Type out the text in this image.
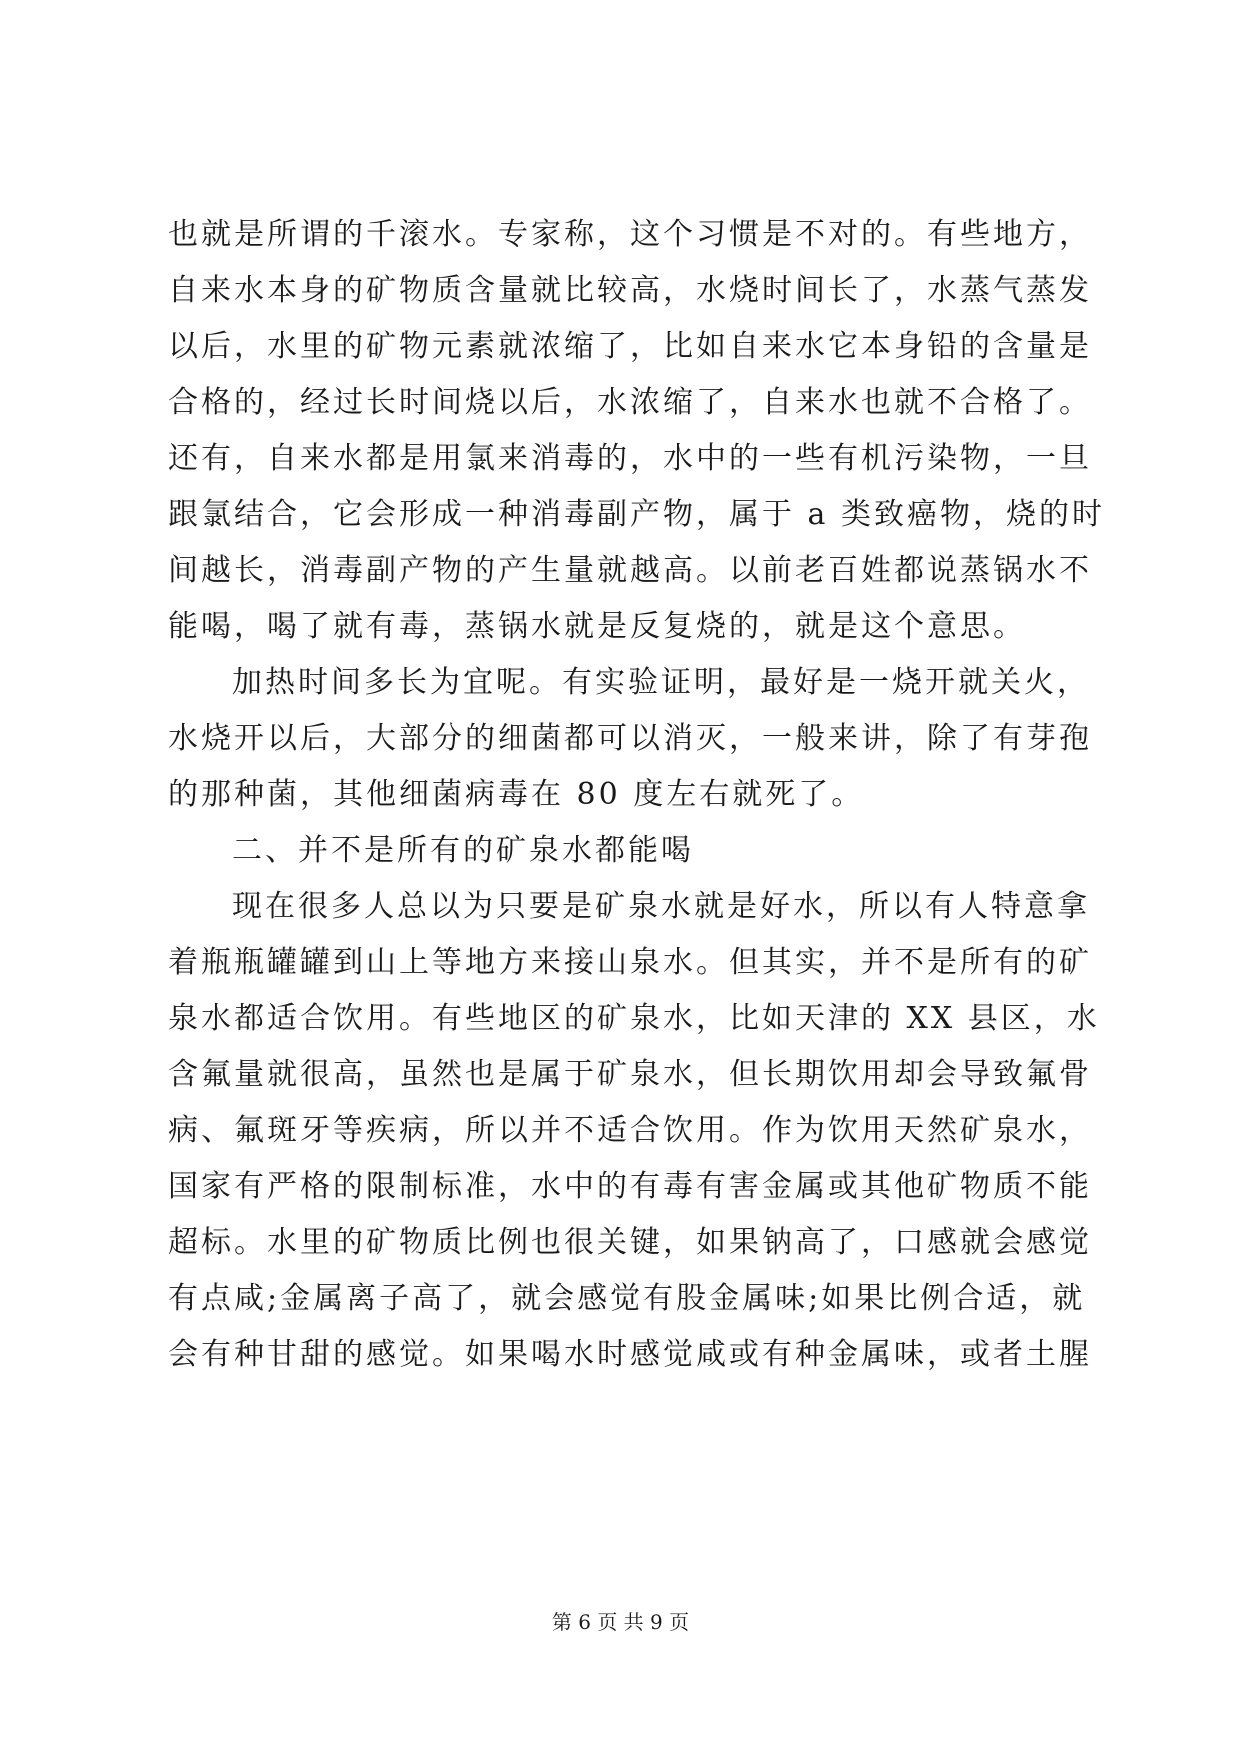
也就是所谓的千滚水。专家称，这个习惯是不对的。有些地方，
自来水本身的矿物质含量就比较高，水烧时间长了，水蒸气蒸发
以后，水里的矿物元素就浓缩了，比如自来水它本身铅的含量是
合格的，经过长时间烧以后，水浓缩了，自来水也就不合格了。
还有，自来水都是用氯来消毒的，水中的一些有机污染物，一旦
跟氯结合，它会形成一种消毒副产物，属于 a 类致癌物，烧的时
间越长，消毒副产物的产生量就越高。以前老百姓都说蒸锅水不
能喝，喝了就有毒，蒸锅水就是反复烧的，就是这个意思。
加热时间多长为宜呢。有实验证明，最好是一烧开就关火，
水烧开以后，大部分的细菌都可以消灭，一般来讲，除了有芽孢
的那种菌，其他细菌病毒在 80 度左右就死了。
二、并不是所有的矿泉水都能喝
现在很多人总以为只要是矿泉水就是好水，所以有人特意拿
着瓶瓶罐罐到山上等地方来接山泉水。但其实，并不是所有的矿
泉水都适合饮用。有些地区的矿泉水，比如天津的 XX 县区，水
含氟量就很高，虽然也是属于矿泉水，但长期饮用却会导致氟骨
病、氟斑牙等疾病，所以并不适合饮用。作为饮用天然矿泉水，
国家有严格的限制标准，水中的有毒有害金属或其他矿物质不能
超标。水里的矿物质比例也很关键，如果钠高了，口感就会感觉
有点咸;金属离子高了，就会感觉有股金属味;如果比例合适，就
会有种甘甜的感觉。如果喝水时感觉咸或有种金属味，或者土腥
第 6 页 共 9 页
